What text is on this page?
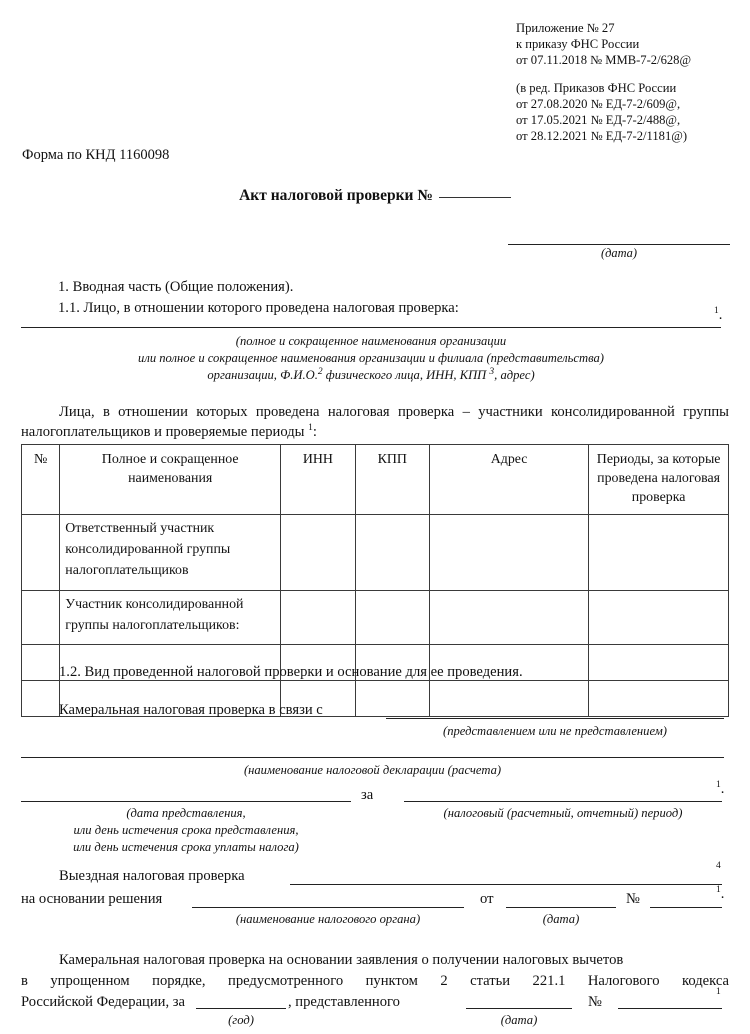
Приложение № 27
к приказу ФНС России
от 07.11.2018 № ММВ-7-2/628@
(в ред. Приказов ФНС России
от 27.08.2020 № ЕД-7-2/609@,
от 17.05.2021 № ЕД-7-2/488@,
от 28.12.2021 № ЕД-7-2/1181@)
Форма по КНД 1160098
Акт налоговой проверки №
(дата)
1. Вводная часть (Общие положения).
1.1. Лицо, в отношении которого проведена налоговая проверка:	$^1$.
(полное и сокращенное наименования организации
или полное и сокращенное наименования организации и филиала (представительства)
организации, Ф.И.О.$^2$ физического лица, ИНН, КПП $^3$, адрес)
Лица, в отношении которых проведена налоговая проверка – участники консолидированной группы налогоплательщиков и проверяемые периоды $^1$:
№	Полное и сокращенное наименования	ИНН	КПП	Адрес	Периоды, за которые проведена налоговая проверка
	Ответственный участник консолидированной группы налогоплательщиков				
	Участник консолидированной группы налогоплательщиков:				

1.2. Вид проведенной налоговой проверки и основание для ее проведения.
Камеральная налоговая проверка в связи с
(представлением или не представлением)
(наименование налоговой декларации (расчета)
за
$^1$.
(дата представления,
или день истечения срока представления,
или день истечения срока уплаты налога)
(налоговый (расчетный, отчетный) период)
Выездная налоговая проверка
$^4$
на основании решения
(наименование налогового органа)
от
(дата)
№
$^1$.
Камеральная налоговая проверка на основании заявления о получении налоговых вычетов
в упрощенном порядке, предусмотренного пунктом 2 статьи 221.1 Налогового кодекса
Российской Федерации, за
(год)
, представленного
(дата)
№
$^1$
